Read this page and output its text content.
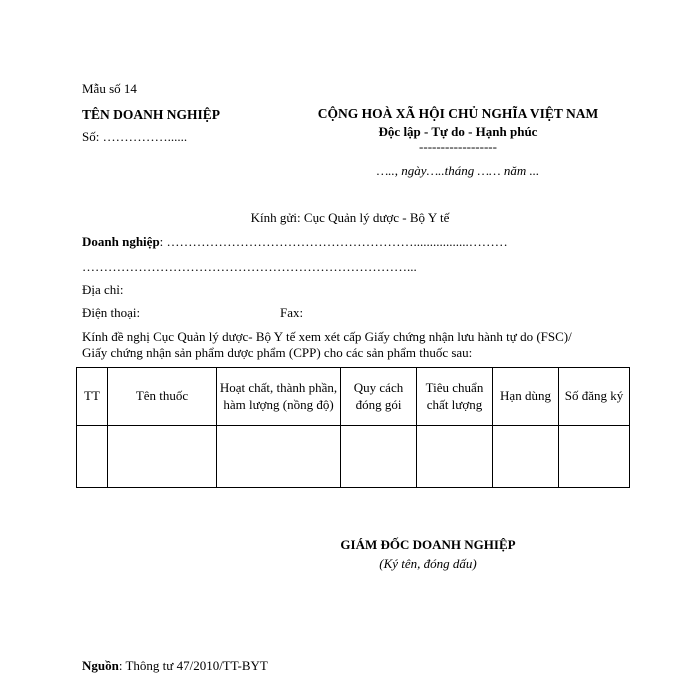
Mẫu số 14
TÊN DOANH NGHIỆP
Số: ……………......
CỘNG HOÀ XÃ HỘI CHỦ NGHĨA VIỆT NAM
Độc lập - Tự do - Hạnh phúc
------------------
….., ngày…..tháng …… năm ...
Kính gửi: Cục Quản lý dược - Bộ Y tế
Doanh nghiệp: ………………………………………………….................………
…………………………………………………………………...
Địa chỉ:
Điện thoại:	Fax:
Kính đề nghị Cục Quản lý dược- Bộ Y tế xem xét cấp Giấy chứng nhận lưu hành tự do (FSC)/
Giấy chứng nhận sản phẩm dược phẩm (CPP) cho các sản phẩm thuốc sau:
TT	Tên thuốc	Hoạt chất, thành phần, hàm lượng (nồng độ)	Quy cách đóng gói	Tiêu chuẩn chất lượng	Hạn dùng	Số đăng ký

GIÁM ĐỐC DOANH NGHIỆP
(Ký tên, đóng dấu)
Nguồn: Thông tư 47/2010/TT-BYT
